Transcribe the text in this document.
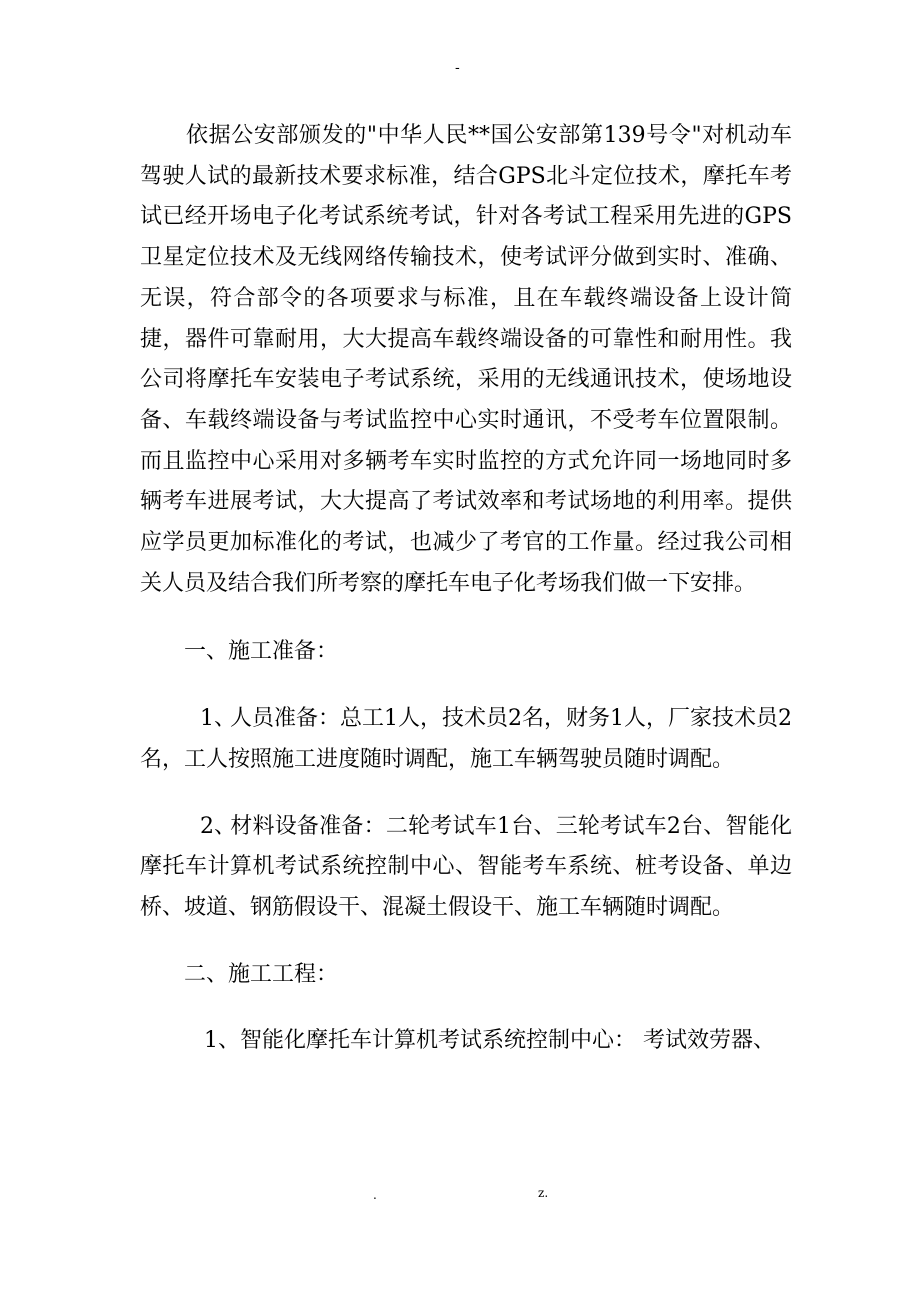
-

依据公安部颁发的"中华人民**国公安部第139号令"对机动车驾驶人试的最新技术要求标准，结合GPS北斗定位技术，摩托车考试已经开场电子化考试系统考试，针对各考试工程采用先进的GPS卫星定位技术及无线网络传输技术，使考试评分做到实时、准确、无误，符合部令的各项要求与标准，且在车载终端设备上设计简捷，器件可靠耐用，大大提高车载终端设备的可靠性和耐用性。我公司将摩托车安装电子考试系统，采用的无线通讯技术，使场地设备、车载终端设备与考试监控中心实时通讯，不受考车位置限制。而且监控中心采用对多辆考车实时监控的方式允许同一场地同时多辆考车进展考试，大大提高了考试效率和考试场地的利用率。提供应学员更加标准化的考试，也减少了考官的工作量。经过我公司相关人员及结合我们所考察的摩托车电子化考场我们做一下安排。

一、施工准备：

1、人员准备：总工1人，技术员2名，财务1人，厂家技术员2名，工人按照施工进度随时调配，施工车辆驾驶员随时调配。

2、材料设备准备：二轮考试车1台、三轮考试车2台、智能化摩托车计算机考试系统控制中心、智能考车系统、桩考设备、单边桥、坡道、钢筋假设干、混凝土假设干、施工车辆随时调配。

二、施工工程：

1、智能化摩托车计算机考试系统控制中心： 考试效劳器、

.	z.
